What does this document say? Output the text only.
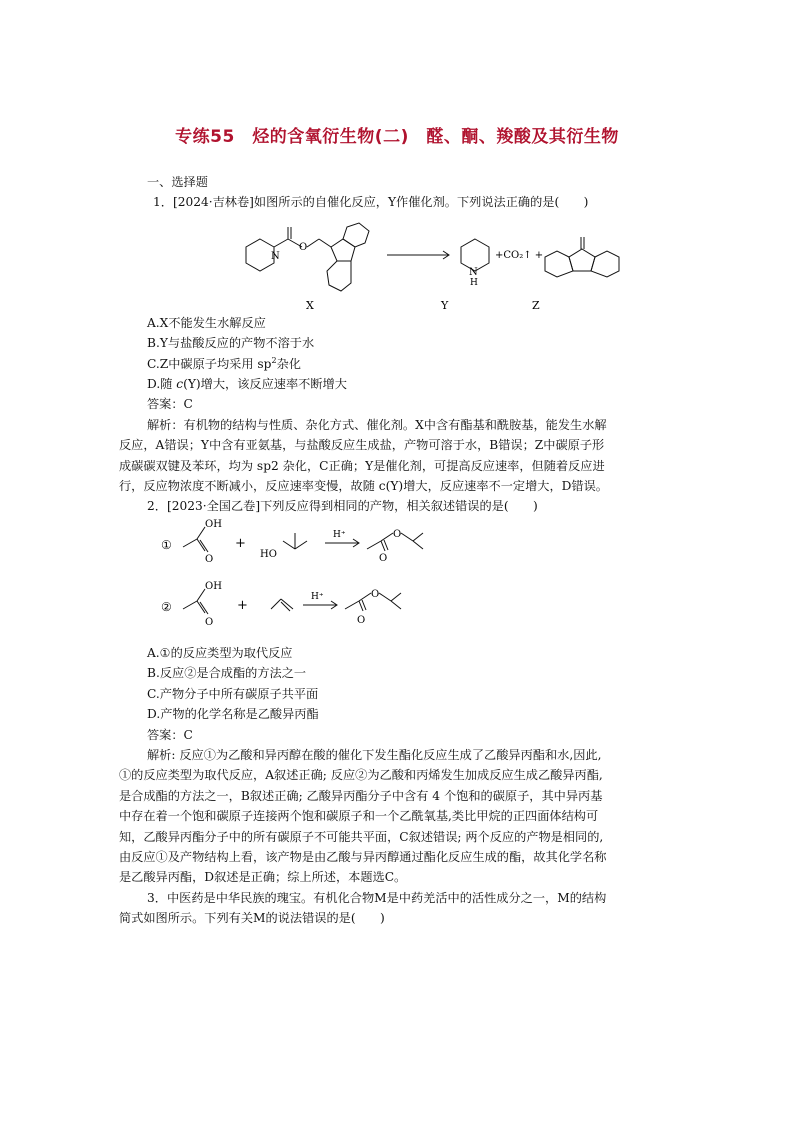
专练55　烃的含氧衍生物(二)　醛、酮、羧酸及其衍生物
一、选择题
1．[2024·吉林卷]如图所示的自催化反应，Y作催化剂。下列说法正确的是(　　)
O
N
N
H
+CO₂↑ +
X	Y	Z
A.X不能发生水解反应
B.Y与盐酸反应的产物不溶于水
C.Z中碳原子均采用 $sp^2$杂化
D.随 c(Y)增大，该反应速率不断增大
答案：C
解析：有机物的结构与性质、杂化方式、催化剂。X中含有酯基和酰胺基，能发生水解
反应，A错误；Y中含有亚氨基，与盐酸反应生成盐，产物可溶于水，B错误；Z中碳原子形
成碳碳双键及苯环，均为 sp2 杂化，C正确；Y是催化剂，可提高反应速率，但随着反应进
行，反应物浓度不断减小，反应速率变慢，故随 c(Y)增大，反应速率不一定增大，D错误。
2．[2023·全国乙卷]下列反应得到相同的产物，相关叙述错误的是(　　)
①
OH
O
+
HO
H⁺	O
O
②
OH
O
+
H⁺	O
O
A.①的反应类型为取代反应
B.反应②是合成酯的方法之一
C.产物分子中所有碳原子共平面
D.产物的化学名称是乙酸异丙酯
答案：C
解析: 反应①为乙酸和异丙醇在酸的催化下发生酯化反应生成了乙酸异丙酯和水,因此,
①的反应类型为取代反应，A叙述正确; 反应②为乙酸和丙烯发生加成反应生成乙酸异丙酯,
是合成酯的方法之一，B叙述正确; 乙酸异丙酯分子中含有 4 个饱和的碳原子，其中异丙基
中存在着一个饱和碳原子连接两个饱和碳原子和一个乙酰氧基,类比甲烷的正四面体结构可
知，乙酸异丙酯分子中的所有碳原子不可能共平面，C叙述错误; 两个反应的产物是相同的,
由反应①及产物结构上看，该产物是由乙酸与异丙醇通过酯化反应生成的酯，故其化学名称
是乙酸异丙酯，D叙述是正确；综上所述，本题选C。
3．中医药是中华民族的瑰宝。有机化合物M是中药羌活中的活性成分之一，M的结构
简式如图所示。下列有关M的说法错误的是(　　)
